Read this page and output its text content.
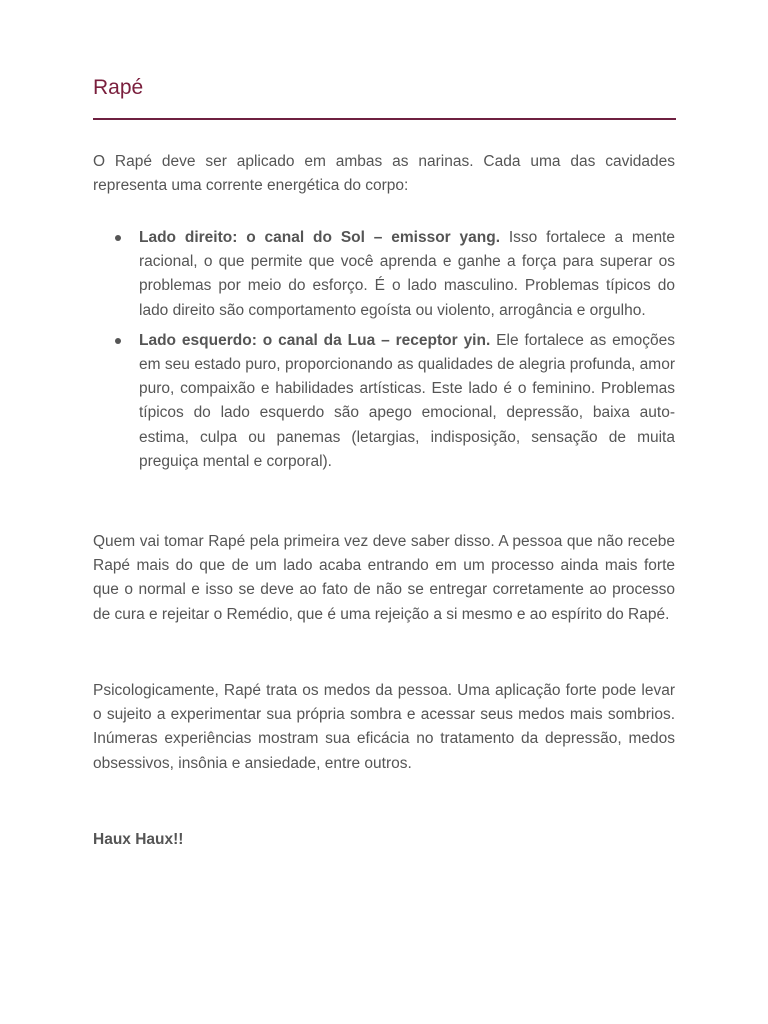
Rapé

O Rapé deve ser aplicado em ambas as narinas. Cada uma das cavidades representa uma corrente energética do corpo:

Lado direito: o canal do Sol – emissor yang. Isso fortalece a mente racional, o que permite que você aprenda e ganhe a força para superar os problemas por meio do esforço. É o lado masculino. Problemas típicos do lado direito são comportamento egoísta ou violento, arrogância e orgulho.
Lado esquerdo: o canal da Lua – receptor yin. Ele fortalece as emoções em seu estado puro, proporcionando as qualidades de alegria profunda, amor puro, compaixão e habilidades artísticas. Este lado é o feminino. Problemas típicos do lado esquerdo são apego emocional, depressão, baixa auto-estima, culpa ou panemas (letargias, indisposição, sensação de muita preguiça mental e corporal).

Quem vai tomar Rapé pela primeira vez deve saber disso. A pessoa que não recebe Rapé mais do que de um lado acaba entrando em um processo ainda mais forte que o normal e isso se deve ao fato de não se entregar corretamente ao processo de cura e rejeitar o Remédio, que é uma rejeição a si mesmo e ao espírito do Rapé.

Psicologicamente, Rapé trata os medos da pessoa. Uma aplicação forte pode levar o sujeito a experimentar sua própria sombra e acessar seus medos mais sombrios. Inúmeras experiências mostram sua eficácia no tratamento da depressão, medos obsessivos, insônia e ansiedade, entre outros.

Haux Haux!!
